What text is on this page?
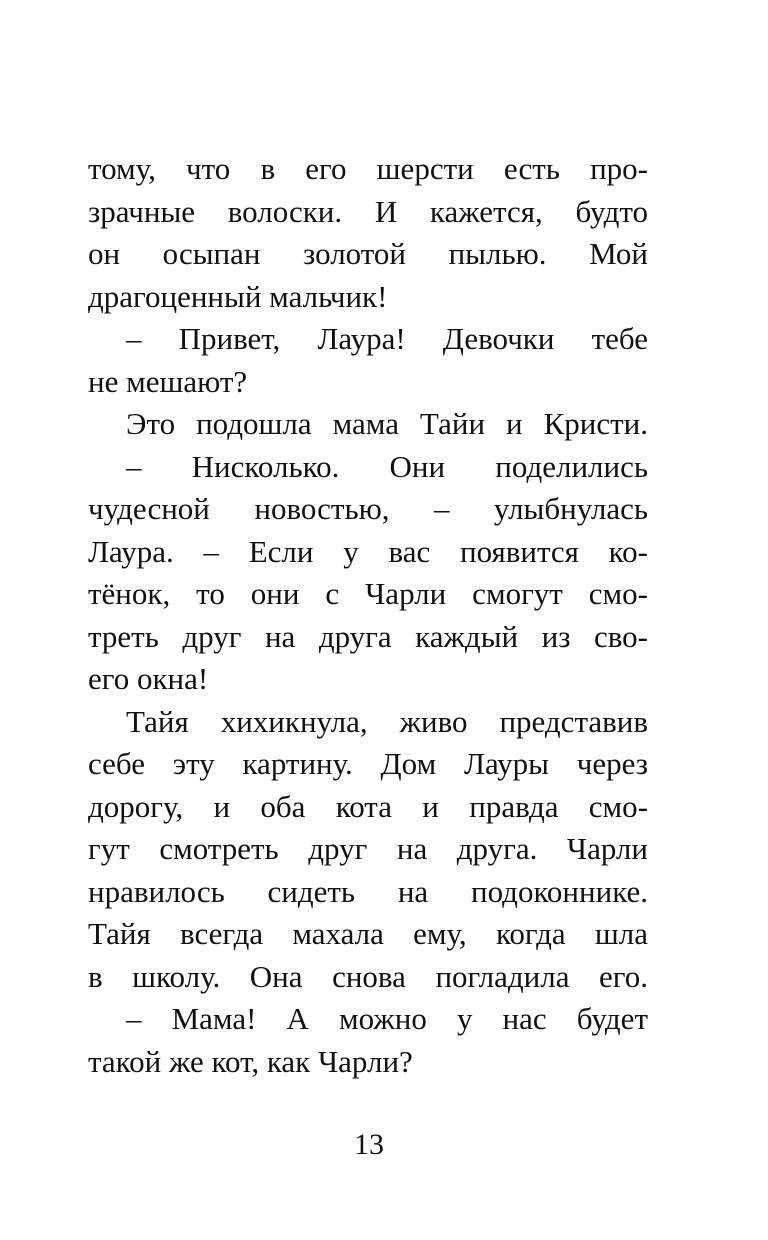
тому, что в его шерсти есть про-
зрачные волоски. И кажется, будто
он осыпан золотой пылью. Мой
драгоценный мальчик!
– Привет, Лаура! Девочки тебе
не мешают?
Это подошла мама Тайи и Кристи.
– Нисколько. Они поделились
чудесной новостью, – улыбнулась
Лаура. – Если у вас появится ко-
тёнок, то они с Чарли смогут смо-
треть друг на друга каждый из сво-
его окна!
Тайя хихикнула, живо представив
себе эту картину. Дом Лауры через
дорогу, и оба кота и правда смо-
гут смотреть друг на друга. Чарли
нравилось сидеть на подоконнике.
Тайя всегда махала ему, когда шла
в школу. Она снова погладила его.
– Мама! А можно у нас будет
такой же кот, как Чарли?
13
